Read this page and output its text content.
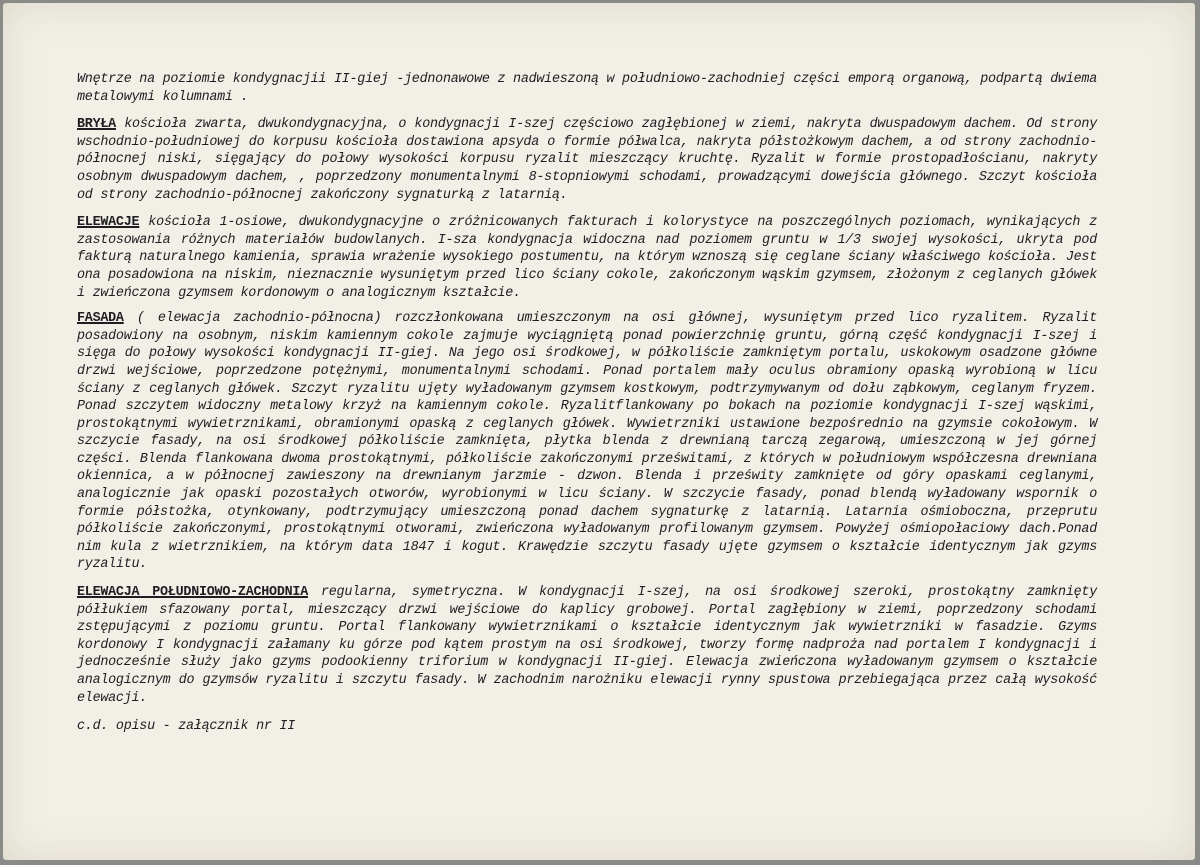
Wnętrze na poziomie kondygnacjii II-giej -jednonawowe z nadwieszoną w południowo-zachodniej części emporą organową, podpartą dwiema metalowymi kolumnami .

BRYŁA kościoła zwarta, dwukondygnacyjna, o kondygnacji I-szej częściowo zagłębionej w ziemi, nakryta dwuspadowym dachem. Od strony wschodnio-południowej do korpusu kościoła dostawiona apsyda o formie półwalca, nakryta półstożkowym dachem, a od strony zachodnio-północnej niski, sięgający do połowy wysokości korpusu ryzalit mieszczący kruchtę. Ryzalit w formie prostopadłościanu, nakryty osobnym dwuspadowym dachem, , poprzedzony monumentalnymi 8-stopniowymi schodami, prowadzącymi dowejścia głównego. Szczyt kościoła od strony zachodnio-północnej zakończony sygnaturką z latarnią.

ELEWACJE kościoła 1-osiowe, dwukondygnacyjne o zróżnicowanych fakturach i kolorystyce na poszczególnych poziomach, wynikających z zastosowania różnych materiałów budowlanych. I-sza kondygnacja widoczna nad poziomem gruntu w 1/3 swojej wysokości, ukryta pod fakturą naturalnego kamienia, sprawia wrażenie wysokiego postumentu, na którym wznoszą się ceglane ściany właściwego kościoła. Jest ona posadowiona na niskim, nieznacznie wysuniętym przed lico ściany cokole, zakończonym wąskim gzymsem, złożonym z ceglanych główek i zwieńczona gzymsem kordonowym o analogicznym kształcie.

FASADA ( elewacja zachodnio-północna) rozczłonkowana umieszczonym na osi głównej, wysuniętym przed lico ryzalitem. Ryzalit posadowiony na osobnym, niskim kamiennym cokole zajmuje wyciągniętą ponad powierzchnię gruntu, górną część kondygnacji I-szej i sięga do połowy wysokości kondygnacji II-giej. Na jego osi środkowej, w półkoliście zamkniętym portalu, uskokowym osadzone główne drzwi wejściowe, poprzedzone potężnymi, monumentalnymi schodami. Ponad portalem mały oculus obramiony opaską wyrobioną w licu ściany z ceglanych główek. Szczyt ryzalitu ujęty wyładowanym gzymsem kostkowym, podtrzymywanym od dołu ząbkowym, ceglanym fryzem. Ponad szczytem widoczny metalowy krzyż na kamiennym cokole. Ryzalitflankowany po bokach na poziomie kondygnacji I-szej wąskimi, prostokątnymi wywietrznikami, obramionymi opaską z ceglanych główek. Wywietrzniki ustawione bezpośrednio na gzymsie cokołowym. W szczycie fasady, na osi środkowej półkoliście zamknięta, płytka blenda z drewnianą tarczą zegarową, umieszczoną w jej górnej części. Blenda flankowana dwoma prostokątnymi, półkoliście zakończonymi prześwitami, z których w południowym współczesna drewniana okiennica, a w północnej zawieszony na drewnianym jarzmie - dzwon. Blenda i prześwity zamknięte od góry opaskami ceglanymi, analogicznie jak opaski pozostałych otworów, wyrobionymi w licu ściany. W szczycie fasady, ponad blendą wyładowany wspornik o formie półstożka, otynkowany, podtrzymujący umieszczoną ponad dachem sygnaturkę z latarnią. Latarnia ośmioboczna, przeprutu półkoliście zakończonymi, prostokątnymi otworami, zwieńczona wyładowanym profilowanym gzymsem. Powyżej ośmiopołaciowy dach.Ponad nim kula z wietrznikiem, na którym data 1847 i kogut. Krawędzie szczytu fasady ujęte gzymsem o kształcie identycznym jak gzyms ryzalitu.

ELEWACJA POŁUDNIOWO-ZACHODNIA regularna, symetryczna. W kondygnacji I-szej, na osi środkowej szeroki, prostokątny zamknięty półłukiem sfazowany portal, mieszczący drzwi wejściowe do kaplicy grobowej. Portal zagłębiony w ziemi, poprzedzony schodami zstępującymi z poziomu gruntu. Portal flankowany wywietrznikami o kształcie identycznym jak wywietrzniki w fasadzie. Gzyms kordonowy I kondygnacji załamany ku górze pod kątem prostym na osi środkowej, tworzy formę nadproża nad portalem I kondygnacji i jednocześnie służy jako gzyms podookienny triforium w kondygnacji II-giej. Elewacja zwieńczona wyładowanym gzymsem o kształcie analogicznym do gzymsów ryzalitu i szczytu fasady. W zachodnim narożniku elewacji rynny spustowa przebiegająca przez całą wysokość elewacji.

c.d. opisu - załącznik nr II
